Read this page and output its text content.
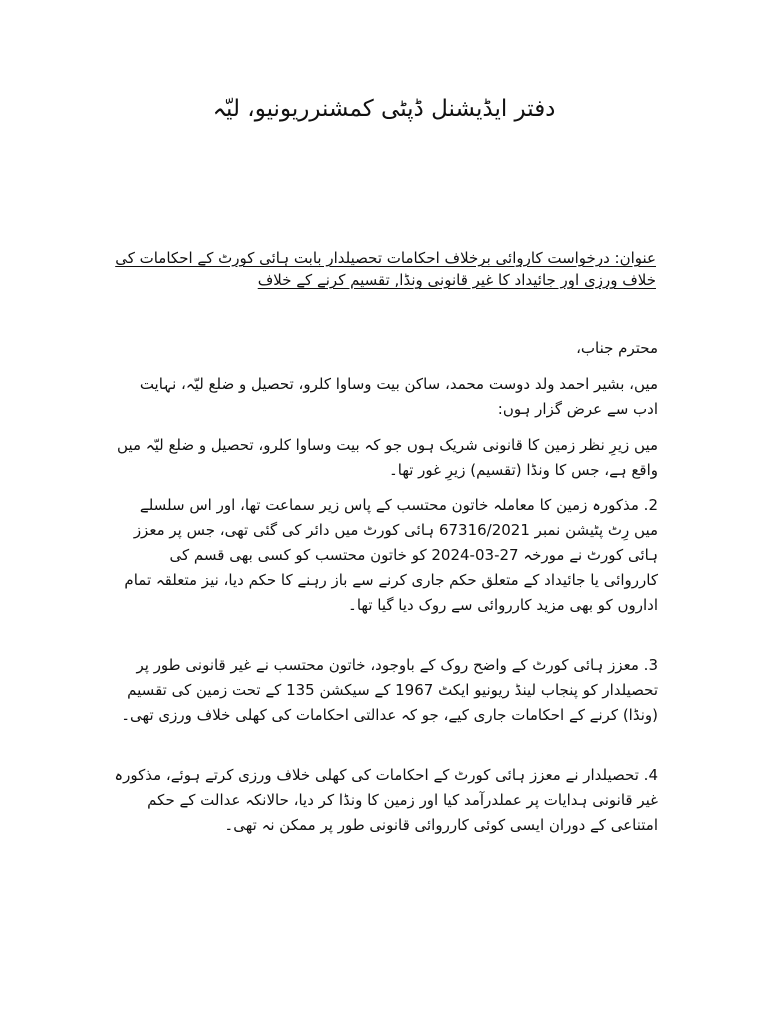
دفتر ایڈیشنل ڈپٹی کمشنرریونیو، لیّہ
عنوان: درخواست کاروائی برخلاف احکامات تحصیلدار بابت ہائی کورٹ کے احکامات کی خلاف ورزی اور جائیداد کا غیر قانونی ونڈا, تقسیم کرنے کے خلاف
محترم جناب،
میں، بشیر احمد ولد دوست محمد، ساکن بیت وساوا کلرو، تحصیل و ضلع لیّہ، نہایت ادب سے عرض گزار ہوں:
میں زیرِ نظر زمین کا قانونی شریک ہوں جو کہ بیت وساوا کلرو، تحصیل و ضلع لیّہ میں واقع ہے، جس کا ونڈا (تقسیم) زیرِ غور تھا۔
2. مذکورہ زمین کا معاملہ خاتون محتسب کے پاس زیر سماعت تھا، اور اس سلسلے میں رِٹ پٹیشن نمبر 67316/2021 ہائی کورٹ میں دائر کی گئی تھی، جس پر معزز ہائی کورٹ نے مورخہ 27-03-2024 کو خاتون محتسب کو کسی بھی قسم کی کارروائی یا جائیداد کے متعلق حکم جاری کرنے سے باز رہنے کا حکم دیا، نیز متعلقہ تمام اداروں کو بھی مزید کارروائی سے روک دیا گیا تھا۔
3. معزز ہائی کورٹ کے واضح روک کے باوجود، خاتون محتسب نے غیر قانونی طور پر تحصیلدار کو پنجاب لینڈ ریونیو ایکٹ 1967 کے سیکشن 135 کے تحت زمین کی تقسیم (ونڈا) کرنے کے احکامات جاری کیے، جو کہ عدالتی احکامات کی کھلی خلاف ورزی تھی۔
4. تحصیلدار نے معزز ہائی کورٹ کے احکامات کی کھلی خلاف ورزی کرتے ہوئے، مذکورہ غیر قانونی ہدایات پر عملدرآمد کیا اور زمین کا ونڈا کر دیا، حالانکہ عدالت کے حکم امتناعی کے دوران ایسی کوئی کارروائی قانونی طور پر ممکن نہ تھی۔
